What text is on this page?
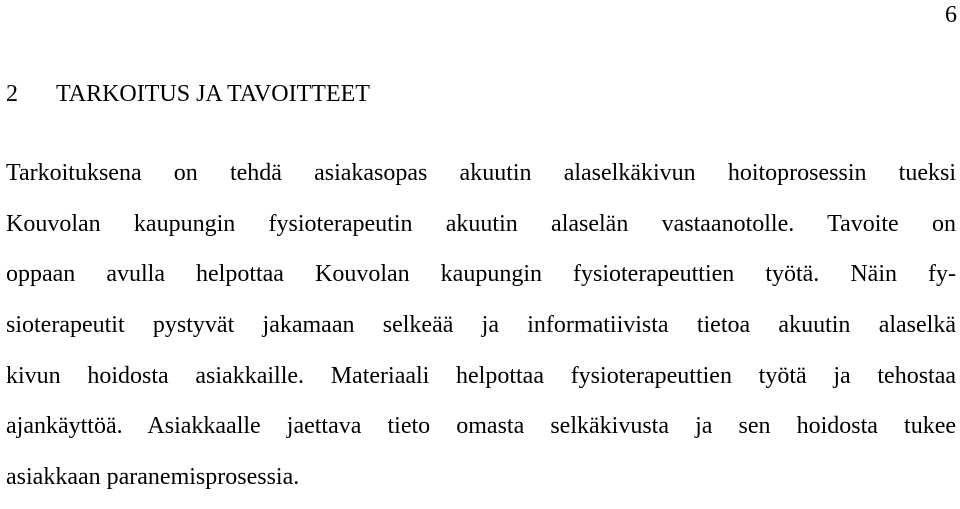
6
2 TARKOITUS JA TAVOITTEET
Tarkoituksena on tehdä asiakasopas akuutin alaselkäkivun hoitoprosessin tueksi
Kouvolan kaupungin fysioterapeutin akuutin alaselän vastaanotolle. Tavoite on
oppaan avulla helpottaa Kouvolan kaupungin fysioterapeuttien työtä. Näin fy-
sioterapeutit pystyvät jakamaan selkeää ja informatiivista tietoa akuutin alaselkä
kivun hoidosta asiakkaille. Materiaali helpottaa fysioterapeuttien työtä ja tehostaa
ajankäyttöä. Asiakkaalle jaettava tieto omasta selkäkivusta ja sen hoidosta tukee
asiakkaan paranemisprosessia.
